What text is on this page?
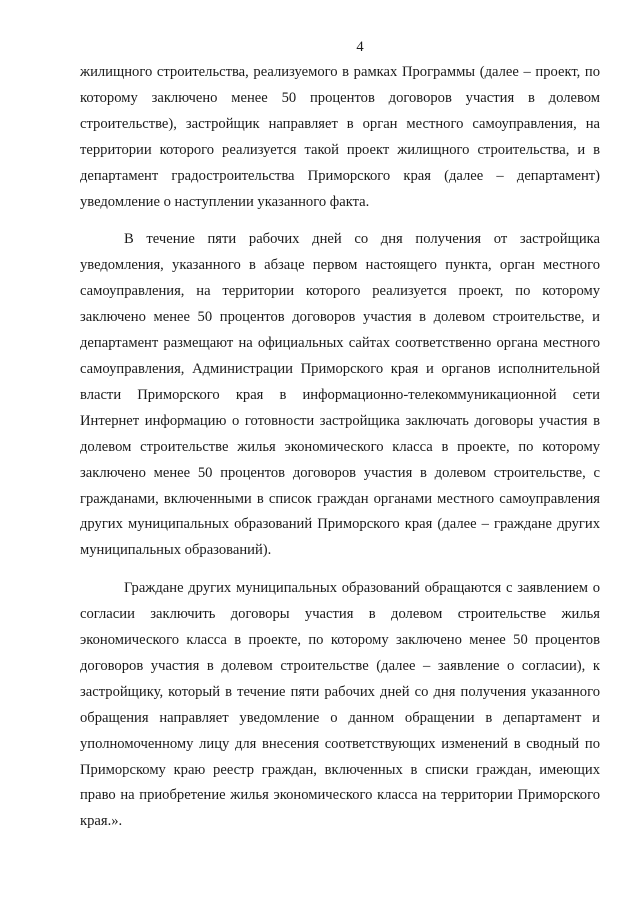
4

жилищного строительства, реализуемого в рамках Программы (далее – проект, по которому заключено менее 50 процентов договоров участия в долевом строительстве), застройщик направляет в орган местного самоуправления, на территории которого реализуется такой проект жилищного строительства, и в департамент градостроительства Приморского края (далее – департамент) уведомление о наступлении указанного факта.

В течение пяти рабочих дней со дня получения от застройщика уведомления, указанного в абзаце первом настоящего пункта, орган местного самоуправления, на территории которого реализуется проект, по которому заключено менее 50 процентов договоров участия в долевом строительстве, и департамент размещают на официальных сайтах соответственно органа местного самоуправления, Администрации Приморского края и органов исполнительной власти Приморского края в информационно-телекоммуникационной сети Интернет информацию о готовности застройщика заключать договоры участия в долевом строительстве жилья экономического класса в проекте, по которому заключено менее 50 процентов договоров участия в долевом строительстве, с гражданами, включенными в список граждан органами местного самоуправления других муниципальных образований Приморского края (далее – граждане других муниципальных образований).

Граждане других муниципальных образований обращаются с заявлением о согласии заключить договоры участия в долевом строительстве жилья экономического класса в проекте, по которому заключено менее 50 процентов договоров участия в долевом строительстве (далее – заявление о согласии), к застройщику, который в течение пяти рабочих дней со дня получения указанного обращения направляет уведомление о данном обращении в департамент и уполномоченному лицу для внесения соответствующих изменений в сводный по Приморскому краю реестр граждан, включенных в списки граждан, имеющих право на приобретение жилья экономического класса на территории Приморского края.».
